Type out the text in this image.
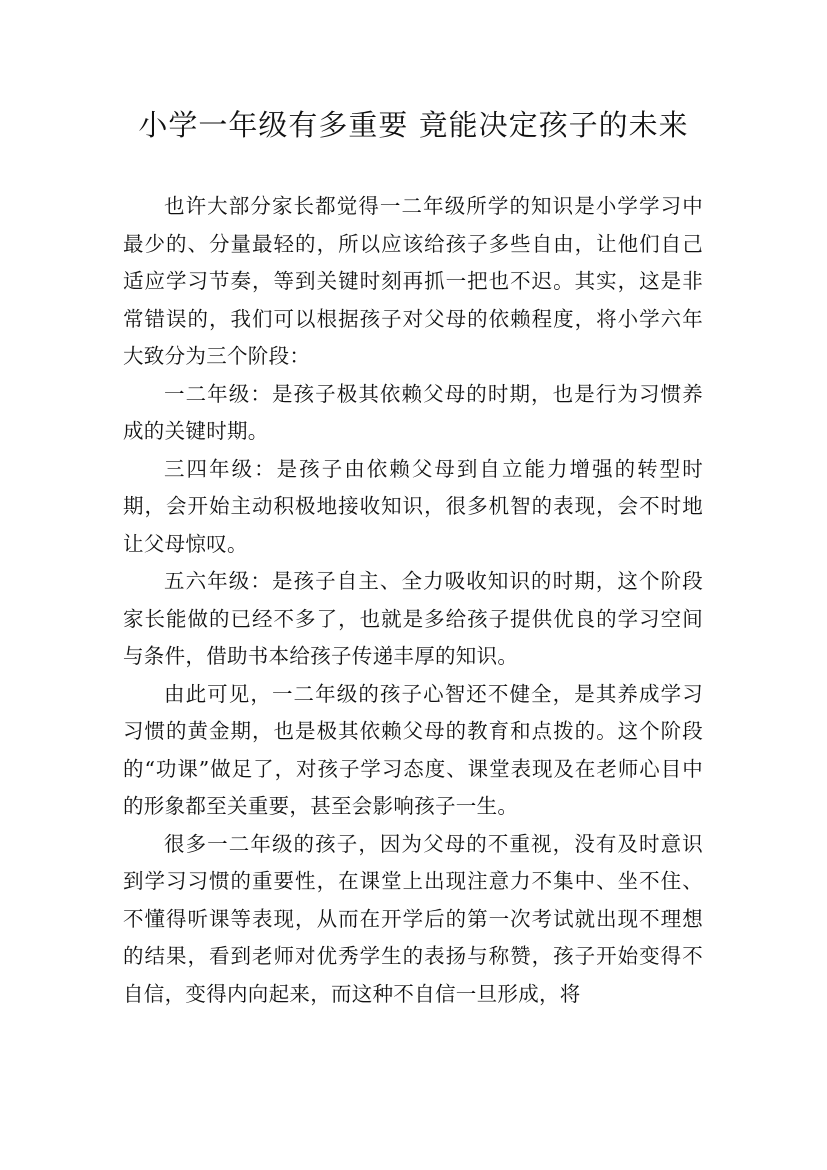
小学一年级有多重要 竟能决定孩子的未来

也许大部分家长都觉得一二年级所学的知识是小学学习中最少的、分量最轻的，所以应该给孩子多些自由，让他们自己适应学习节奏，等到关键时刻再抓一把也不迟。其实，这是非常错误的，我们可以根据孩子对父母的依赖程度，将小学六年大致分为三个阶段：

一二年级：是孩子极其依赖父母的时期，也是行为习惯养成的关键时期。

三四年级：是孩子由依赖父母到自立能力增强的转型时期，会开始主动积极地接收知识，很多机智的表现，会不时地让父母惊叹。

五六年级：是孩子自主、全力吸收知识的时期，这个阶段家长能做的已经不多了，也就是多给孩子提供优良的学习空间与条件，借助书本给孩子传递丰厚的知识。

由此可见，一二年级的孩子心智还不健全，是其养成学习习惯的黄金期，也是极其依赖父母的教育和点拨的。这个阶段的“功课”做足了，对孩子学习态度、课堂表现及在老师心目中的形象都至关重要，甚至会影响孩子一生。

很多一二年级的孩子，因为父母的不重视，没有及时意识到学习习惯的重要性，在课堂上出现注意力不集中、坐不住、不懂得听课等表现，从而在开学后的第一次考试就出现不理想的结果，看到老师对优秀学生的表扬与称赞，孩子开始变得不自信，变得内向起来，而这种不自信一旦形成，将
